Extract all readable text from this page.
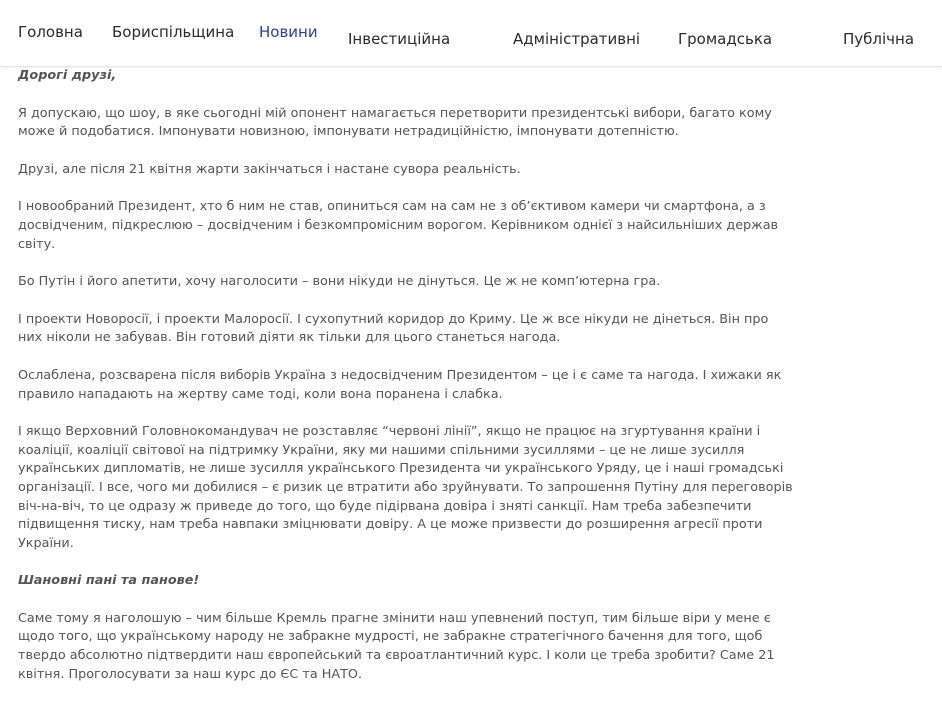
Головна Бориспільщина Новини Інвестиційна	Адміністративні	Громадська	Публічна

Дорогі друзі,

Я допускаю, що шоу, в яке сьогодні мій опонент намагається перетворити президентські вибори, багато кому може й подобатися. Імпонувати новизною, імпонувати нетрадиційністю, імпонувати дотепністю.

Друзі, але після 21 квітня жарти закінчаться і настане сувора реальність.

І новообраний Президент, хто б ним не став, опиниться сам на сам не з об’єктивом камери чи смартфона, а з досвідченим, підкреслюю – досвідченим і безкомпромісним ворогом. Керівником однієї з найсильніших держав світу.

Бо Путін і його апетити, хочу наголосити – вони нікуди не дінуться. Це ж не комп’ютерна гра.

І проекти Новоросії, і проекти Малоросії. І сухопутний коридор до Криму. Це ж все нікуди не дінеться. Він про них ніколи не забував. Він готовий діяти як тільки для цього станеться нагода.

Ослаблена, розсварена після виборів Україна з недосвідченим Президентом – це і є саме та нагода. І хижаки як правило нападають на жертву саме тоді, коли вона поранена і слабка.

І якщо Верховний Головнокомандувач не розставляє “червоні лінії”, якщо не працює на згуртування країни і коаліції, коаліції світової на підтримку України, яку ми нашими спільними зусиллями – це не лише зусилля українських дипломатів, не лише зусилля українського Президента чи українського Уряду, це і наші громадські організації. І все, чого ми добилися – є ризик це втратити або зруйнувати. То запрошення Путіну для переговорів віч-на-віч, то це одразу ж приведе до того, що буде підірвана довіра і зняті санкції. Нам треба забезпечити підвищення тиску, нам треба навпаки зміцнювати довіру. А це може призвести до розширення агресії проти України.

Шановні пані та панове!

Саме тому я наголошую – чим більше Кремль прагне змінити наш упевнений поступ, тим більше віри у мене є щодо того, що українському народу не забракне мудрості, не забракне стратегічного бачення для того, щоб твердо абсолютно підтвердити наш європейський та євроатлантичний курс. І коли це треба зробити? Саме 21 квітня. Проголосувати за наш курс до ЄС та НАТО.
